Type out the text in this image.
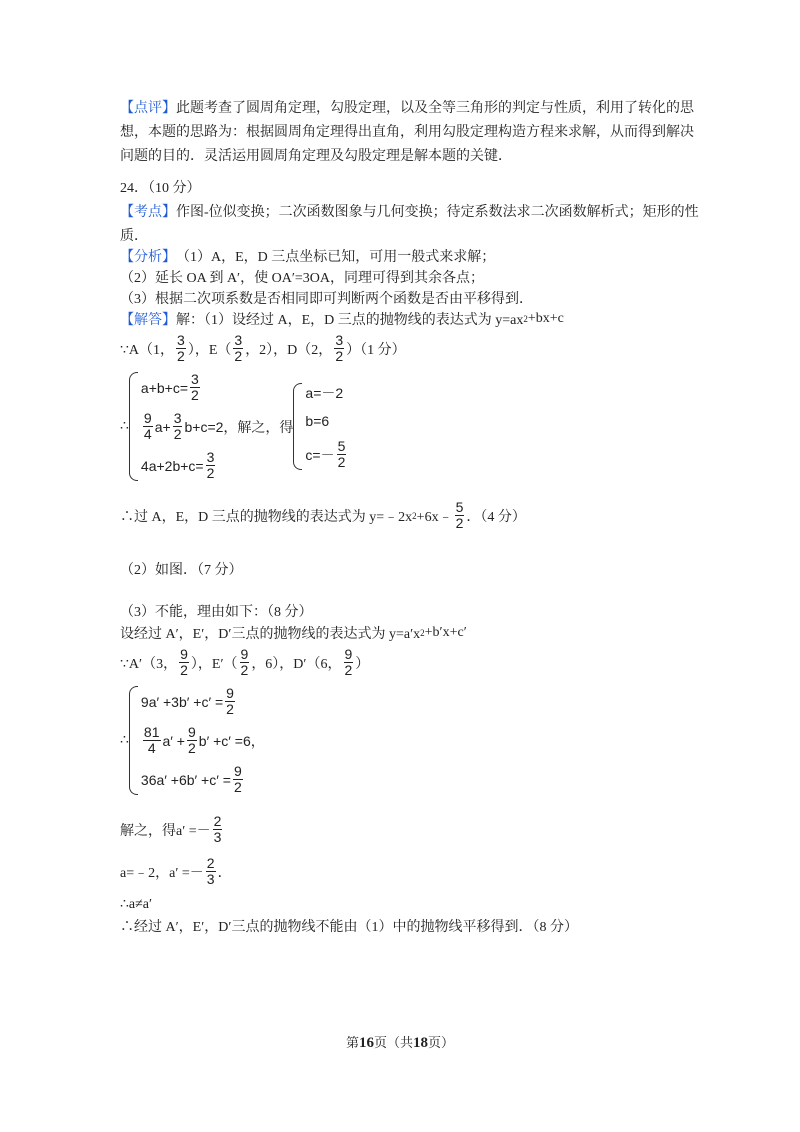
【点评】 此题考查了圆周角定理，勾股定理，以及全等三角形的判定与性质，利用了转化的思
想，本题的思路为：根据圆周角定理得出直角，利用勾股定理构造方程来求解，从而得到解决
问题的目的．灵活运用圆周角定理及勾股定理是解本题的关键．
24．（10 分）
【考点】 作图-位似变换；二次函数图象与几何变换；待定系数法求二次函数解析式；矩形的性
质．
【分析】 （1）A，E，D 三点坐标已知，可用一般式来求解；
（2）延长 OA 到 A′，使 OA′=3OA，同理可得到其余各点；
（3）根据二次项系数是否相同即可判断两个函数是否由平移得到．
【解答】 解：（1）设经过 A，E，D 三点的抛物线的表达式为 y=ax 2 +bx+c
∵A（1， $\frac{3}{2}$ ），$E( \frac{3}{2}$ ，2），D（2， $\frac{3}{2} )(1$ 分）
∴
$a+b+c= \frac{3}{2}$
$\frac{9}{4} a+ \frac{3}{2} b+c=2$
$4a+2b+c= \frac{3}{2}$
，解之，得
a=－2
b=6
$c=- \frac{5}{2}$
∴过 A，E，D 三点的抛物线的表达式为 y=﹣2x 2 +6x﹣ $\frac{5}{2}$ ．（4 分）
（2）如图．（7 分）
（3）不能，理由如下：（8 分）
设经过 A′，E′，D′三点的抛物线的表达式为 y=a′x 2 +b′x+c′
∵A′（3， $\frac{9}{2}$ ），$E'( \frac{9}{2}$ ，6），D′（6， $\frac{9}{2}$ ）
∴
$9a' +3b' +c' = \frac{9}{2}$
$\frac{81}{4} a' + \frac{9}{2} b' +c' =6$
$36a' +6b' +c' = \frac{9}{2}$
，
解之，得$a' =- \frac{2}{3}$
a=﹣2，$a' =- \frac{2}{3}$ ．
∴a≠a′
∴经过 A′，E′，D′三点的抛物线不能由（1）中的抛物线平移得到．（8 分）
第16页（共18页）
